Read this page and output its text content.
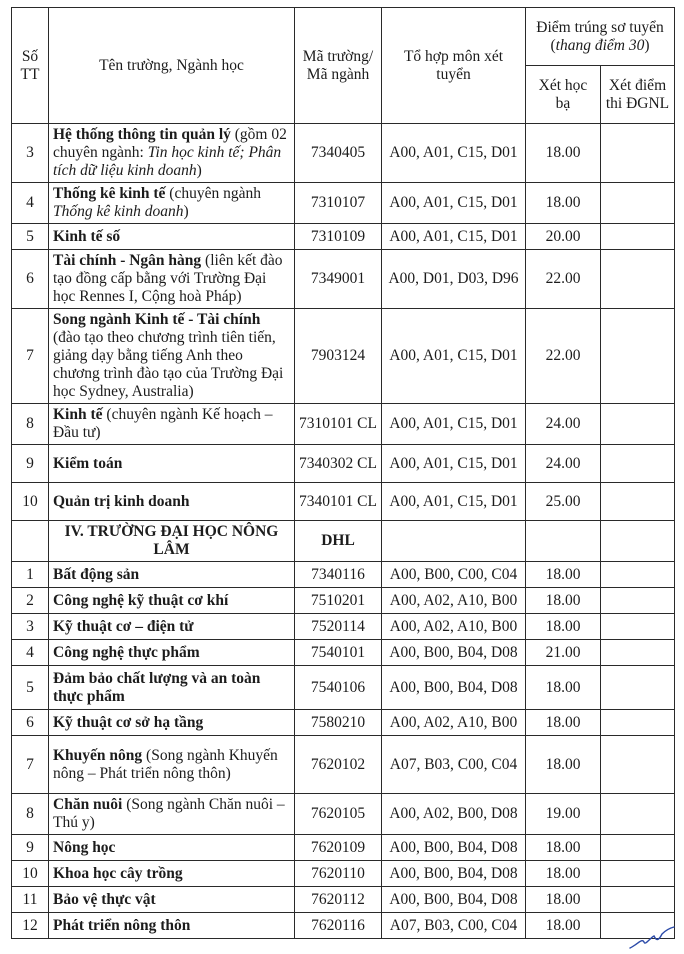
Số TT	Tên trường, Ngành học	Mã trường/ Mã ngành	Tổ hợp môn xét tuyển	Điểm trúng sơ tuyển (thang điểm 30)	
				Xét học bạ	Xét điểm thi ĐGNL
3	Hệ thống thông tin quản lý (gồm 02 chuyên ngành: Tin học kinh tế; Phân tích dữ liệu kinh doanh)	7340405	A00, A01, C15, D01	18.00	
4	Thống kê kinh tế (chuyên ngành Thống kê kinh doanh)	7310107	A00, A01, C15, D01	18.00	
5	Kinh tế số	7310109	A00, A01, C15, D01	20.00	
6	Tài chính - Ngân hàng (liên kết đào tạo đồng cấp bằng với Trường Đại học Rennes I, Cộng hoà Pháp)	7349001	A00, D01, D03, D96	22.00	
7	Song ngành Kinh tế - Tài chính (đào tạo theo chương trình tiên tiến, giảng dạy bằng tiếng Anh theo chương trình đào tạo của Trường Đại học Sydney, Australia)	7903124	A00, A01, C15, D01	22.00	
8	Kinh tế (chuyên ngành Kế hoạch – Đầu tư)	7310101 CL	A00, A01, C15, D01	24.00	
9	Kiểm toán	7340302 CL	A00, A01, C15, D01	24.00	
10	Quản trị kinh doanh	7340101 CL	A00, A01, C15, D01	25.00	
	IV. TRƯỜNG ĐẠI HỌC NÔNG LÂM	DHL			
1	Bất động sản	7340116	A00, B00, C00, C04	18.00	
2	Công nghệ kỹ thuật cơ khí	7510201	A00, A02, A10, B00	18.00	
3	Kỹ thuật cơ – điện tử	7520114	A00, A02, A10, B00	18.00	
4	Công nghệ thực phẩm	7540101	A00, B00, B04, D08	21.00	
5	Đảm bảo chất lượng và an toàn thực phẩm	7540106	A00, B00, B04, D08	18.00	
6	Kỹ thuật cơ sở hạ tầng	7580210	A00, A02, A10, B00	18.00	
7	Khuyến nông (Song ngành Khuyến nông – Phát triển nông thôn)	7620102	A07, B03, C00, C04	18.00	
8	Chăn nuôi (Song ngành Chăn nuôi – Thú y)	7620105	A00, A02, B00, D08	19.00	
9	Nông học	7620109	A00, B00, B04, D08	18.00	
10	Khoa học cây trồng	7620110	A00, B00, B04, D08	18.00	
11	Bảo vệ thực vật	7620112	A00, B00, B04, D08	18.00	
12	Phát triển nông thôn	7620116	A07, B03, C00, C04	18.00	
